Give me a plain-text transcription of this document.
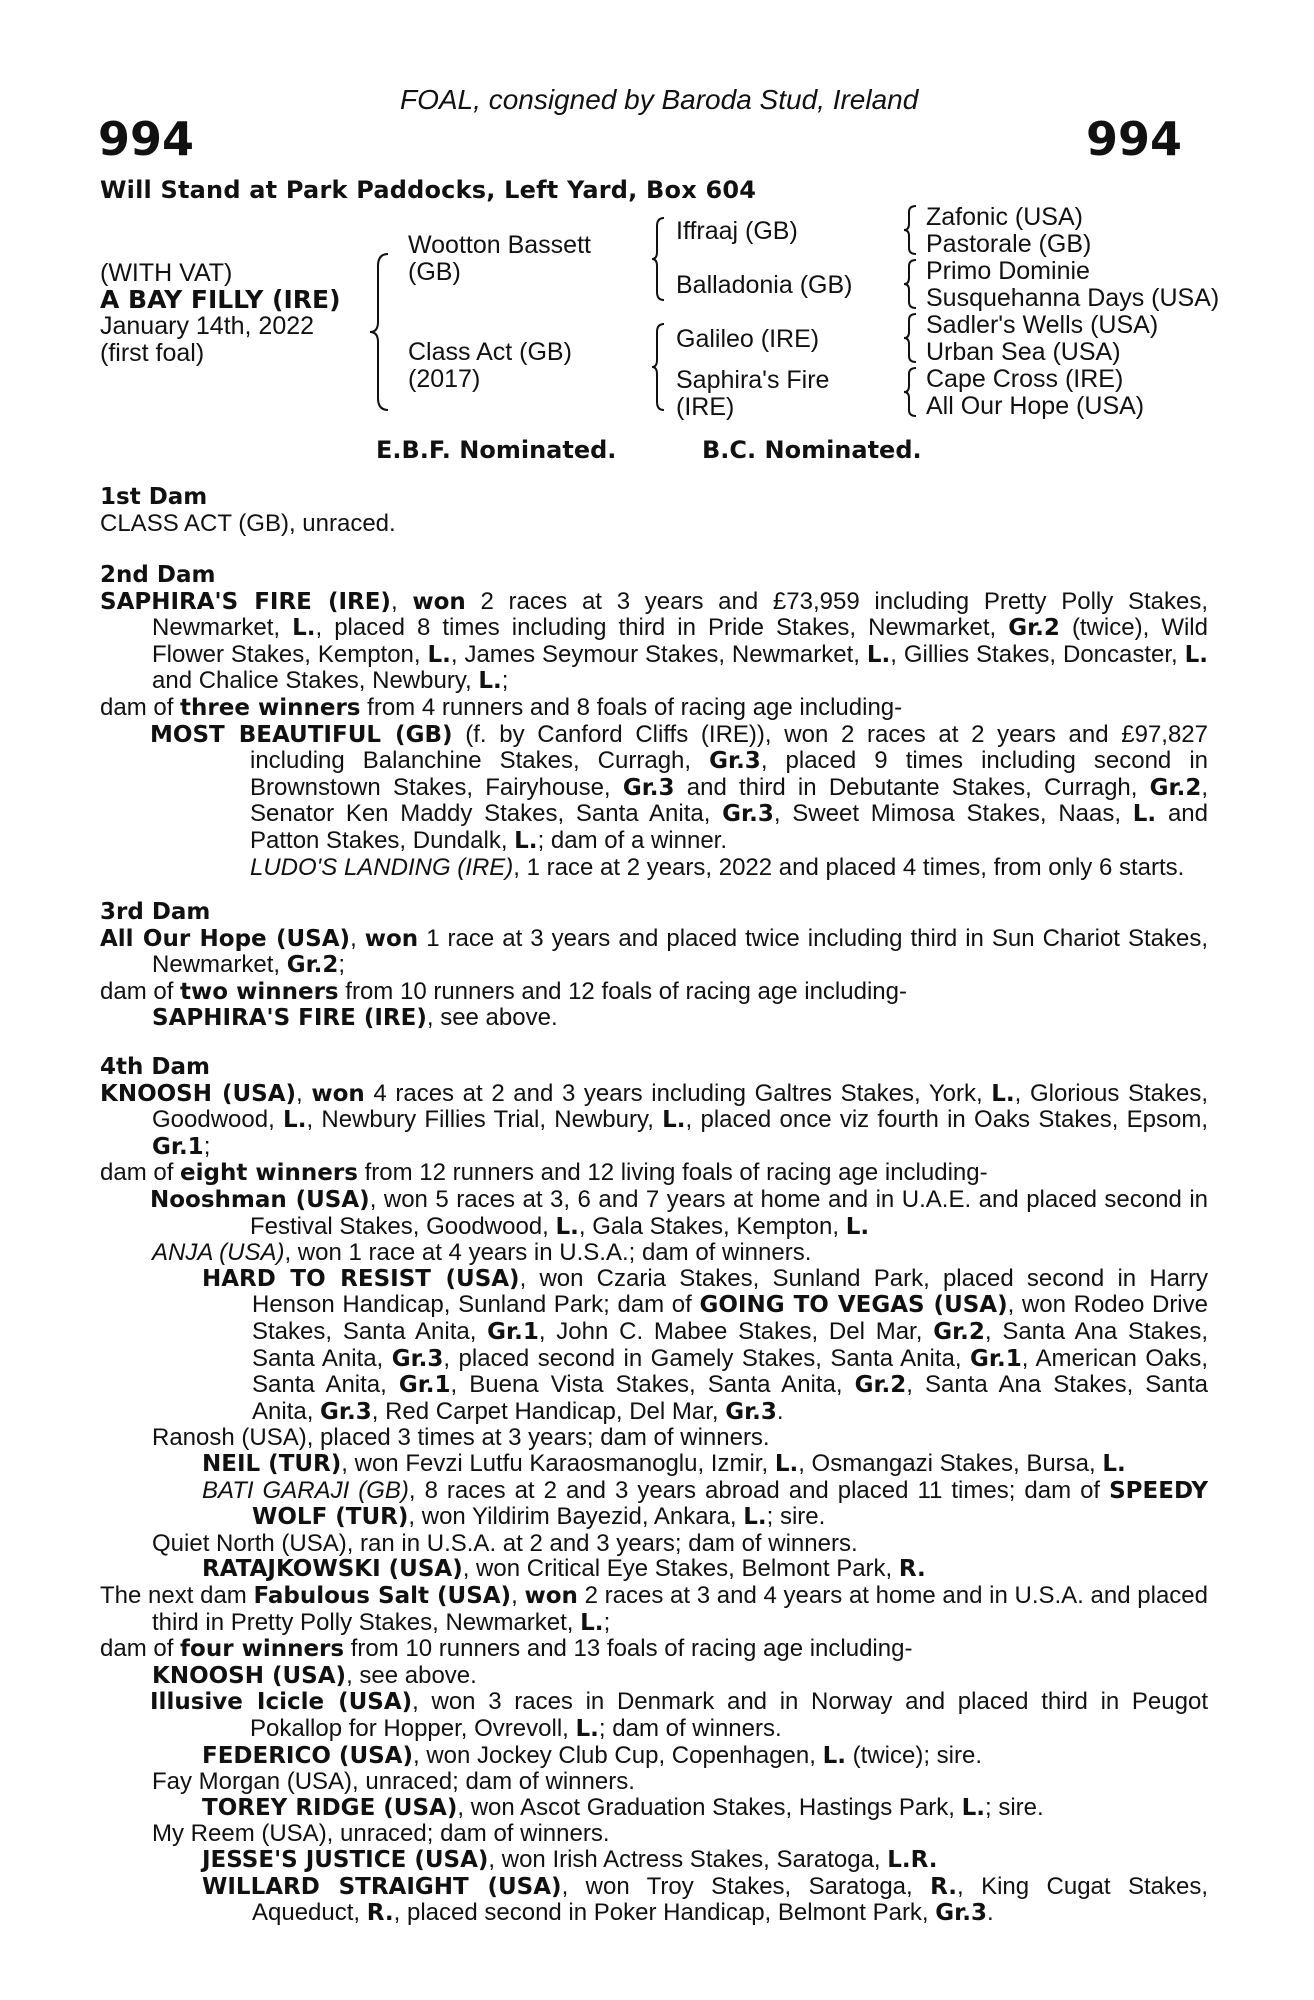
FOAL, consigned by Baroda Stud, Ireland
994	994
Will Stand at Park Paddocks, Left Yard, Box 604
(WITH VAT)
A BAY FILLY (IRE)
January 14th, 2022
(first foal)
Wootton Bassett
(GB)
Class Act (GB)
(2017)
Iffraaj (GB)
Balladonia (GB)
Galileo (IRE)
Saphira's Fire
(IRE)
Zafonic (USA)
Pastorale (GB)
Primo Dominie
Susquehanna Days (USA)
Sadler's Wells (USA)
Urban Sea (USA)
Cape Cross (IRE)
All Our Hope (USA)
E.B.F. Nominated.	B.C. Nominated.
1st Dam
CLASS ACT (GB), unraced.
2nd Dam
SAPHIRA'S FIRE (IRE), won 2 races at 3 years and £73,959 including Pretty Polly Stakes, Newmarket, L., placed 8 times including third in Pride Stakes, Newmarket, Gr.2 (twice), Wild Flower Stakes, Kempton, L., James Seymour Stakes, Newmarket, L., Gillies Stakes, Doncaster, L. and Chalice Stakes, Newbury, L.;
dam of three winners from 4 runners and 8 foals of racing age including-
MOST BEAUTIFUL (GB) (f. by Canford Cliffs (IRE)), won 2 races at 2 years and £97,827 including Balanchine Stakes, Curragh, Gr.3, placed 9 times including second in Brownstown Stakes, Fairyhouse, Gr.3 and third in Debutante Stakes, Curragh, Gr.2, Senator Ken Maddy Stakes, Santa Anita, Gr.3, Sweet Mimosa Stakes, Naas, L. and Patton Stakes, Dundalk, L.; dam of a winner.
LUDO'S LANDING (IRE), 1 race at 2 years, 2022 and placed 4 times, from only 6 starts.
3rd Dam
All Our Hope (USA), won 1 race at 3 years and placed twice including third in Sun Chariot Stakes, Newmarket, Gr.2;
dam of two winners from 10 runners and 12 foals of racing age including-
SAPHIRA'S FIRE (IRE), see above.
4th Dam
KNOOSH (USA), won 4 races at 2 and 3 years including Galtres Stakes, York, L., Glorious Stakes, Goodwood, L., Newbury Fillies Trial, Newbury, L., placed once viz fourth in Oaks Stakes, Epsom, Gr.1;
dam of eight winners from 12 runners and 12 living foals of racing age including-
Nooshman (USA), won 5 races at 3, 6 and 7 years at home and in U.A.E. and placed second in Festival Stakes, Goodwood, L., Gala Stakes, Kempton, L.
ANJA (USA), won 1 race at 4 years in U.S.A.; dam of winners.
HARD TO RESIST (USA), won Czaria Stakes, Sunland Park, placed second in Harry Henson Handicap, Sunland Park; dam of GOING TO VEGAS (USA), won Rodeo Drive Stakes, Santa Anita, Gr.1, John C. Mabee Stakes, Del Mar, Gr.2, Santa Ana Stakes, Santa Anita, Gr.3, placed second in Gamely Stakes, Santa Anita, Gr.1, American Oaks, Santa Anita, Gr.1, Buena Vista Stakes, Santa Anita, Gr.2, Santa Ana Stakes, Santa Anita, Gr.3, Red Carpet Handicap, Del Mar, Gr.3.
Ranosh (USA), placed 3 times at 3 years; dam of winners.
NEIL (TUR), won Fevzi Lutfu Karaosmanoglu, Izmir, L., Osmangazi Stakes, Bursa, L.
BATI GARAJI (GB), 8 races at 2 and 3 years abroad and placed 11 times; dam of SPEEDY WOLF (TUR), won Yildirim Bayezid, Ankara, L.; sire.
Quiet North (USA), ran in U.S.A. at 2 and 3 years; dam of winners.
RATAJKOWSKI (USA), won Critical Eye Stakes, Belmont Park, R.
The next dam Fabulous Salt (USA), won 2 races at 3 and 4 years at home and in U.S.A. and placed third in Pretty Polly Stakes, Newmarket, L.;
dam of four winners from 10 runners and 13 foals of racing age including-
KNOOSH (USA), see above.
Illusive Icicle (USA), won 3 races in Denmark and in Norway and placed third in Peugot Pokallop for Hopper, Ovrevoll, L.; dam of winners.
FEDERICO (USA), won Jockey Club Cup, Copenhagen, L. (twice); sire.
Fay Morgan (USA), unraced; dam of winners.
TOREY RIDGE (USA), won Ascot Graduation Stakes, Hastings Park, L.; sire.
My Reem (USA), unraced; dam of winners.
JESSE'S JUSTICE (USA), won Irish Actress Stakes, Saratoga, L.R.
WILLARD STRAIGHT (USA), won Troy Stakes, Saratoga, R., King Cugat Stakes, Aqueduct, R., placed second in Poker Handicap, Belmont Park, Gr.3.
